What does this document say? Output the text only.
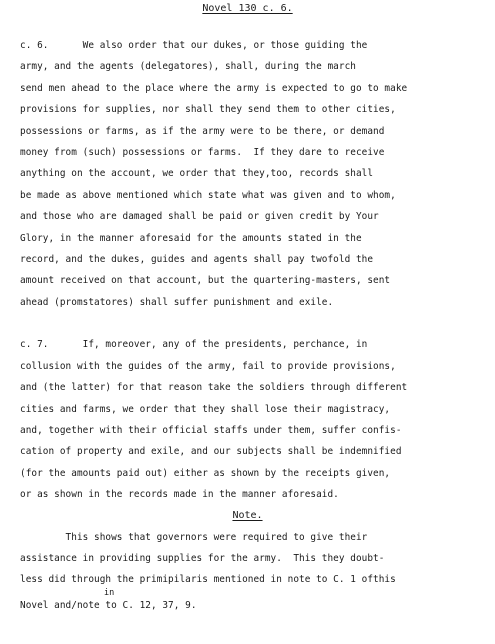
Novel 130 c. 6.
c. 6.      We also order that our dukes, or those guiding the
army, and the agents (delegatores), shall, during the march
send men ahead to the place where the army is expected to go to make
provisions for supplies, nor shall they send them to other cities,
possessions or farms, as if the army were to be there, or demand
money from (such) possessions or farms.  If they dare to receive
anything on the account, we order that they,too, records shall
be made as above mentioned which state what was given and to whom,
and those who are damaged shall be paid or given credit by Your
Glory, in the manner aforesaid for the amounts stated in the
record, and the dukes, guides and agents shall pay twofold the
amount received on that account, but the quartering-masters, sent
ahead (promstatores) shall suffer punishment and exile.
c. 7.      If, moreover, any of the presidents, perchance, in
collusion with the guides of the army, fail to provide provisions,
and (the latter) for that reason take the soldiers through different
cities and farms, we order that they shall lose their magistracy,
and, together with their official staffs under them, suffer confis-
cation of property and exile, and our subjects shall be indemnified
(for the amounts paid out) either as shown by the receipts given,
or as shown in the records made in the manner aforesaid.
Note.
This shows that governors were required to give their
assistance in providing supplies for the army.  This they doubt-
less did through the primipilaris mentioned in note to C. 1 ofthis
in
Novel and/note to C. 12, 37, 9.
